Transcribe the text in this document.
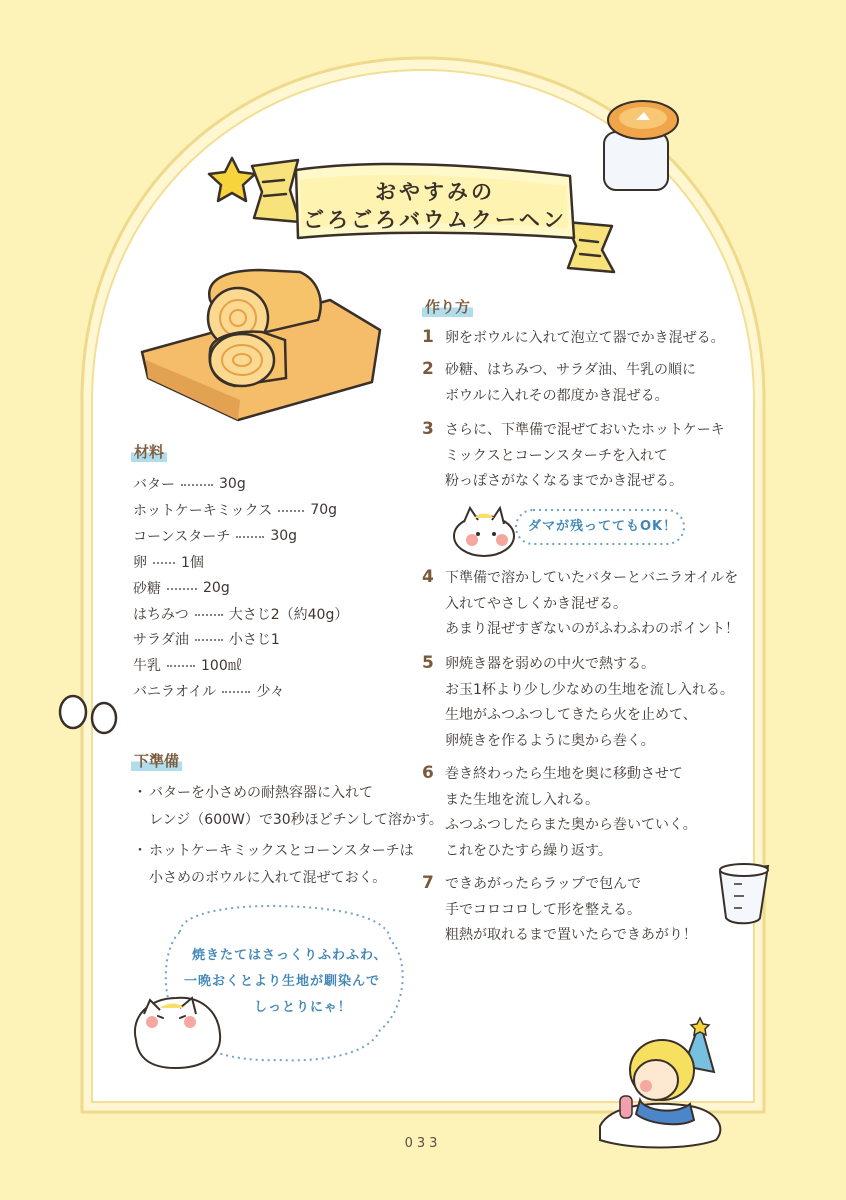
おやすみの
ごろごろバウムクーヘン
材料
バター	30g
ホットケーキミックス	70g
コーンスターチ	30g
卵 1個
砂糖	20g
はちみつ	大さじ2（約40g）
サラダ油	小さじ1
牛乳	100㎖
バニラオイル	少々
下準備
・ バターを小さめの耐熱容器に入れて
レンジ（600W）で30秒ほどチンして溶かす。
・ ホットケーキミックスとコーンスターチは
小さめのボウルに入れて混ぜておく。
作り方
1 卵をボウルに入れて泡立て器でかき混ぜる。
2 砂糖、はちみつ、サラダ油、牛乳の順に
ボウルに入れその都度かき混ぜる。
3 さらに、下準備で混ぜておいたホットケーキ
ミックスとコーンスターチを入れて
粉っぽさがなくなるまでかき混ぜる。
4 下準備で溶かしていたバターとバニラオイルを
入れてやさしくかき混ぜる。
あまり混ぜすぎないのがふわふわのポイント！
5 卵焼き器を弱めの中火で熱する。
お玉1杯より少し少なめの生地を流し入れる。
生地がふつふつしてきたら火を止めて、
卵焼きを作るように奥から巻く。
6 巻き終わったら生地を奥に移動させて
また生地を流し入れる。
ふつふつしたらまた奥から巻いていく。
これをひたすら繰り返す。
7 できあがったらラップで包んで
手でコロコロして形を整える。
粗熱が取れるまで置いたらできあがり！
ダマが残っててもOK！
焼きたてはさっくりふわふわ、
一晩おくとより生地が馴染んで
しっとりにゃ！
033
